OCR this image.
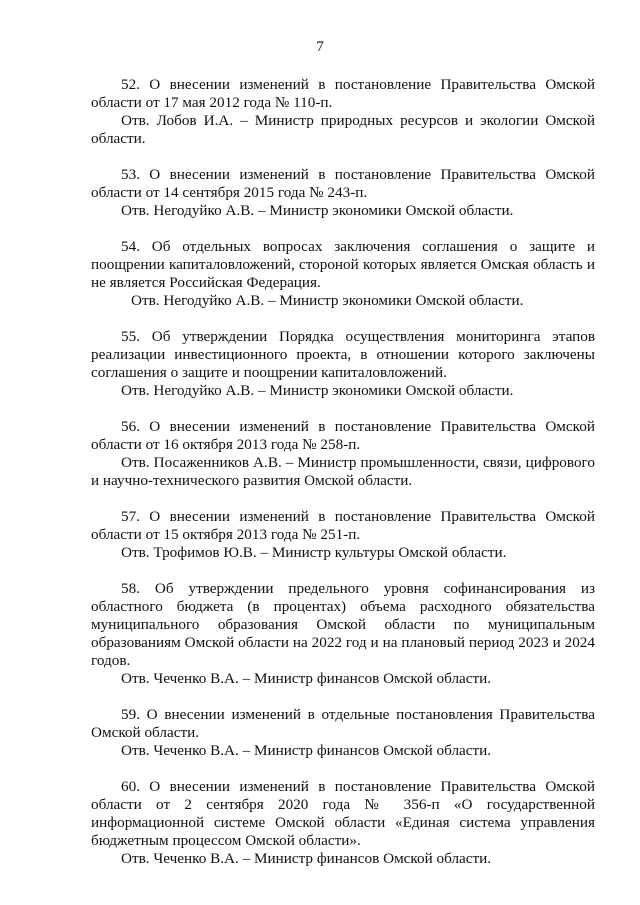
7
52. О внесении изменений в постановление Правительства Омской области от 17 мая 2012 года № 110-п.
Отв. Лобов И.А. – Министр природных ресурсов и экологии Омской области.
53. О внесении изменений в постановление Правительства Омской области от 14 сентября 2015 года № 243-п.
Отв. Негодуйко А.В. – Министр экономики Омской области.
54. Об отдельных вопросах заключения соглашения о защите и поощрении капиталовложений, стороной которых является Омская область и не является Российская Федерация.
Отв. Негодуйко А.В. – Министр экономики Омской области.
55. Об утверждении Порядка осуществления мониторинга этапов реализации инвестиционного проекта, в отношении которого заключены соглашения о защите и поощрении капиталовложений.
Отв. Негодуйко А.В. – Министр экономики Омской области.
56. О внесении изменений в постановление Правительства Омской области от 16 октября 2013 года № 258-п.
Отв. Посаженников А.В. – Министр промышленности, связи, цифрового и научно-технического развития Омской области.
57. О внесении изменений в постановление Правительства Омской области от 15 октября 2013 года № 251-п.
Отв. Трофимов Ю.В. – Министр культуры Омской области.
58. Об утверждении предельного уровня софинансирования из областного бюджета (в процентах) объема расходного обязательства муниципального образования Омской области по муниципальным образованиям Омской области на 2022 год и на плановый период 2023 и 2024 годов.
Отв. Чеченко В.А. – Министр финансов Омской области.
59. О внесении изменений в отдельные постановления Правительства Омской области.
Отв. Чеченко В.А. – Министр финансов Омской области.
60. О внесении изменений в постановление Правительства Омской области от 2 сентября 2020 года № 356-п «О государственной информационной системе Омской области «Единая система управления бюджетным процессом Омской области».
Отв. Чеченко В.А. – Министр финансов Омской области.
